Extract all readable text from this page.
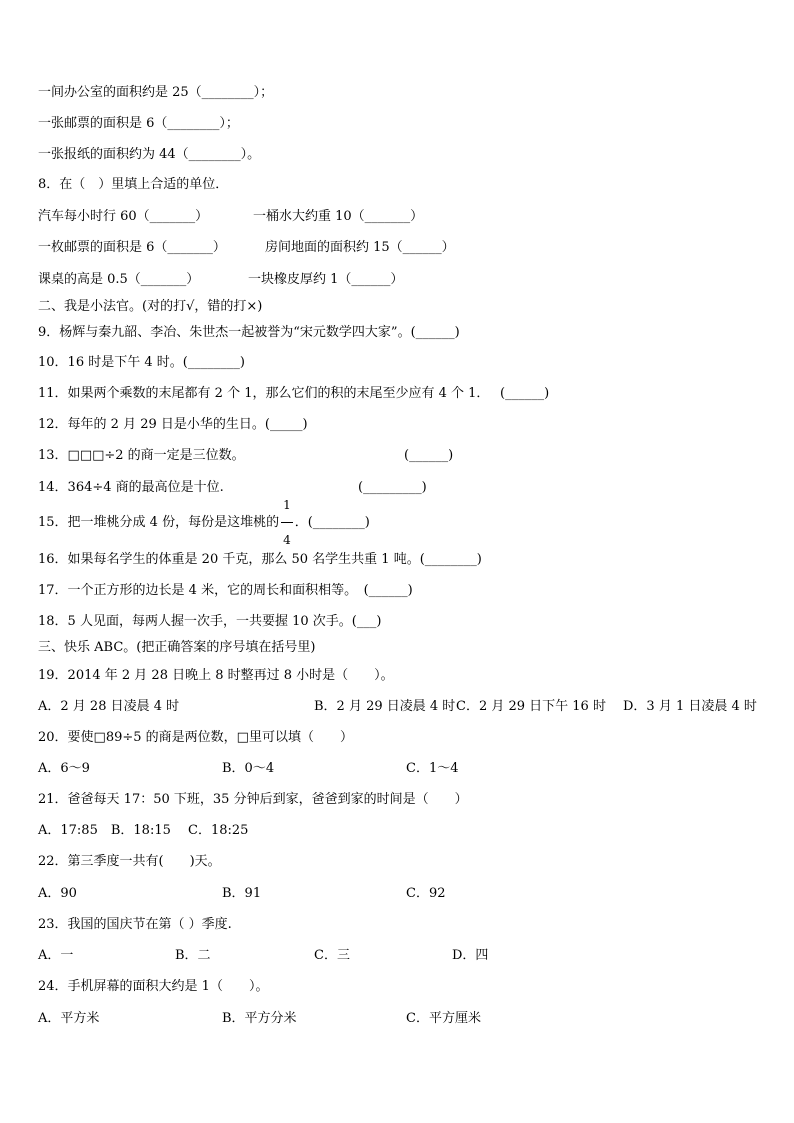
一间办公室的面积约是 25（________）；
一张邮票的面积是 6（________）；
一张报纸的面积约为 44（________）。
8．在（　）里填上合适的单位．
汽车每小时行 60（_______）	一桶水大约重 10（_______）
一枚邮票的面积是 6（_______）	房间地面的面积约 15（______）
课桌的高是 0.5（_______）	一块橡皮厚约 1（______）
二、我是小法官。(对的打√，错的打×)
9．杨辉与秦九韶、李冶、朱世杰一起被誉为“宋元数学四大家”。(______)
10．16 时是下午 4 时。(________)
11．如果两个乘数的末尾都有 2 个 1，那么它们的积的末尾至少应有 4 个 1．　 (______)
12．每年的 2 月 29 日是小华的生日。(_____)
13．□□□÷2 的商一定是三位数。	(______)
14．364÷4 商的最高位是十位.	(_________)
15．把一堆桃分成 4 份，每份是这堆桃的 $\frac{1}{4}$ ．(________)
16．如果每名学生的体重是 20 千克，那么 50 名学生共重 1 吨。(________)
17．一个正方形的边长是 4 米，它的周长和面积相等。　(______)
18．5 人见面，每两人握一次手，一共要握 10 次手。(___)
三、快乐 ABC。(把正确答案的序号填在括号里)
19．2014 年 2 月 28 日晚上 8 时整再过 8 小时是（　　）。
A．2 月 28 日凌晨 4 时	B．2 月 29 日凌晨 4 时 C．2 月 29 日下午 16 时 D．3 月 1 日凌晨 4 时
20．要使□89÷5 的商是两位数，□里可以填（　　）
A．6～9	B．0～4	C．1～4
21．爸爸每天 17：50 下班，35 分钟后到家，爸爸到家的时间是（　　）
A．17:85　B．18:15　 C．18:25
22．第三季度一共有(　　)天。
A．90	B．91	C．92
23．我国的国庆节在第（ ）季度.
A．一	B．二	C．三	D．四
24．手机屏幕的面积大约是 1（　　）。
A．平方米	B．平方分米	C．平方厘米
